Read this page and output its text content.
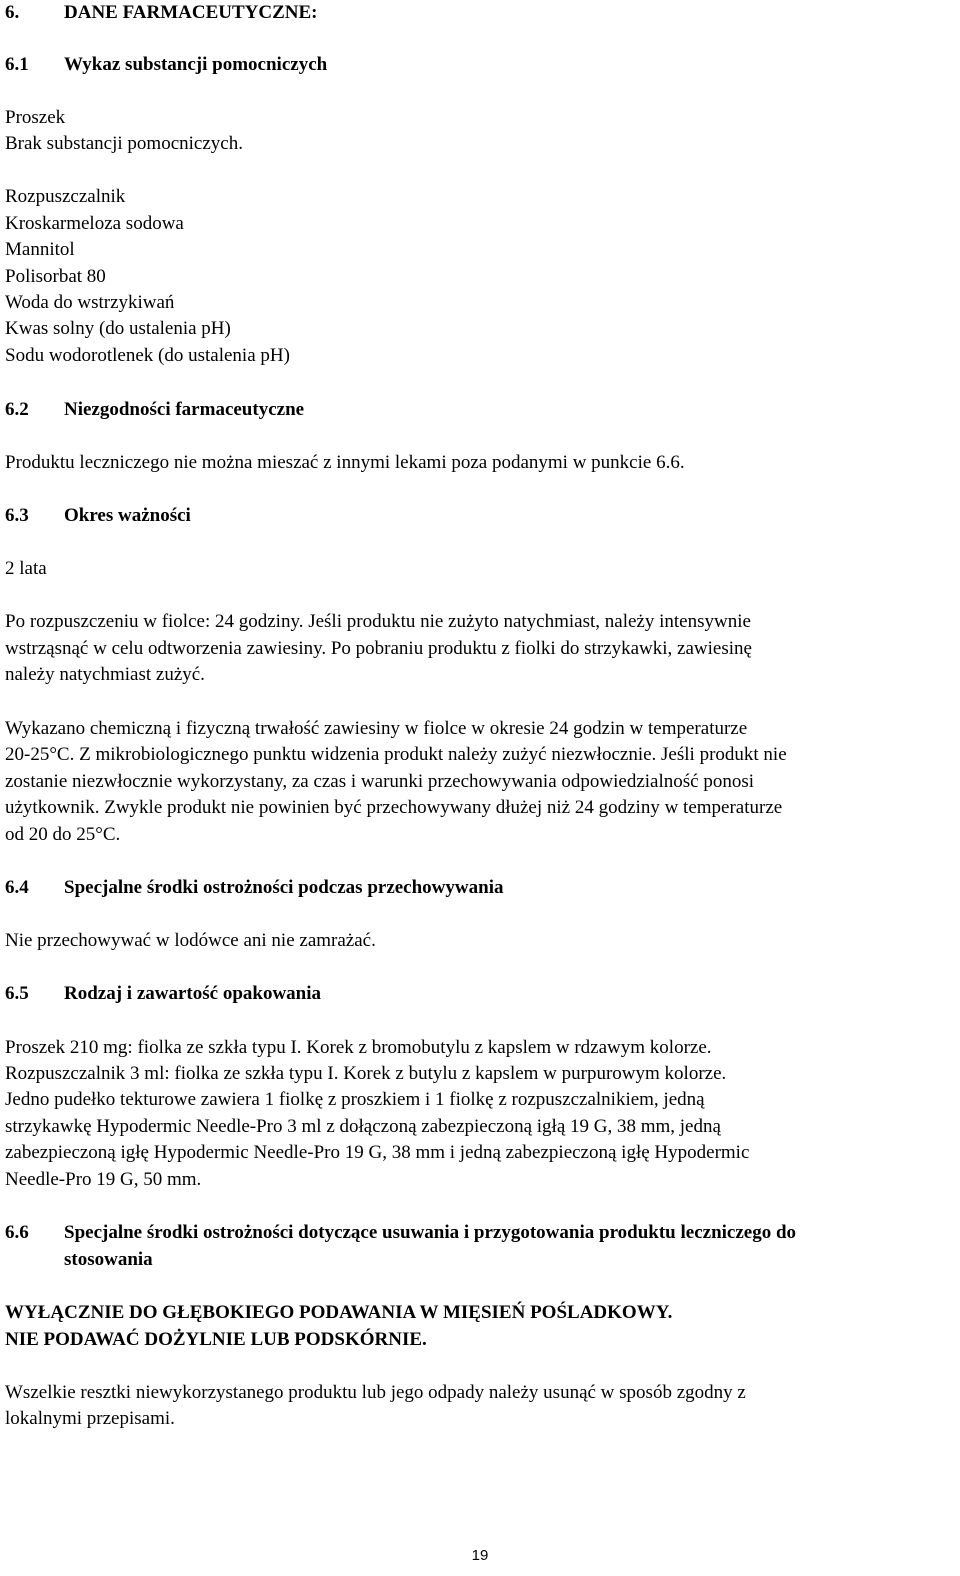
6. DANE FARMACEUTYCZNE:
6.1 Wykaz substancji pomocniczych
Proszek
Brak substancji pomocniczych.
Rozpuszczalnik
Kroskarmeloza sodowa
Mannitol
Polisorbat 80
Woda do wstrzykiwań
Kwas solny (do ustalenia pH)
Sodu wodorotlenek (do ustalenia pH)
6.2 Niezgodności farmaceutyczne
Produktu leczniczego nie można mieszać z innymi lekami poza podanymi w punkcie 6.6.
6.3 Okres ważności
2 lata
Po rozpuszczeniu w fiolce: 24 godziny. Jeśli produktu nie zużyto natychmiast, należy intensywnie
wstrząsnąć w celu odtworzenia zawiesiny. Po pobraniu produktu z fiolki do strzykawki, zawiesinę
należy natychmiast zużyć.
Wykazano chemiczną i fizyczną trwałość zawiesiny w fiolce w okresie 24 godzin w temperaturze
20-25°C. Z mikrobiologicznego punktu widzenia produkt należy zużyć niezwłocznie. Jeśli produkt nie
zostanie niezwłocznie wykorzystany, za czas i warunki przechowywania odpowiedzialność ponosi
użytkownik. Zwykle produkt nie powinien być przechowywany dłużej niż 24 godziny w temperaturze
od 20 do 25°C.
6.4 Specjalne środki ostrożności podczas przechowywania
Nie przechowywać w lodówce ani nie zamrażać.
6.5 Rodzaj i zawartość opakowania
Proszek 210 mg: fiolka ze szkła typu I. Korek z bromobutylu z kapslem w rdzawym kolorze.
Rozpuszczalnik 3 ml: fiolka ze szkła typu I. Korek z butylu z kapslem w purpurowym kolorze.
Jedno pudełko tekturowe zawiera 1 fiolkę z proszkiem i 1 fiolkę z rozpuszczalnikiem, jedną
strzykawkę Hypodermic Needle-Pro 3 ml z dołączoną zabezpieczoną igłą 19 G, 38 mm, jedną
zabezpieczoną igłę Hypodermic Needle-Pro 19 G, 38 mm i jedną zabezpieczoną igłę Hypodermic
Needle-Pro 19 G, 50 mm.
6.6 Specjalne środki ostrożności dotyczące usuwania i przygotowania produktu leczniczego do
stosowania
WYŁĄCZNIE DO GŁĘBOKIEGO PODAWANIA W MIĘSIEŃ POŚLADKOWY.
NIE PODAWAĆ DOŻYLNIE LUB PODSKÓRNIE.
Wszelkie resztki niewykorzystanego produktu lub jego odpady należy usunąć w sposób zgodny z
lokalnymi przepisami.
19
